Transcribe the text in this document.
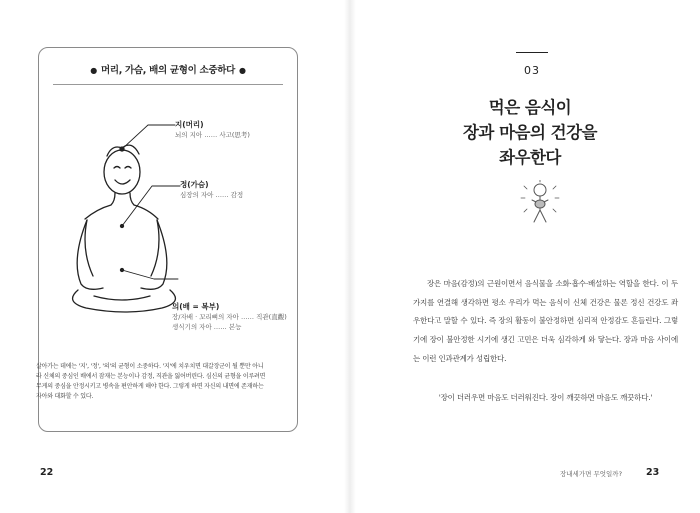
● 머리, 가슴, 배의 균형이 소중하다 ●
지(머리)
뇌의 지아 …… 사고(思考)
정(가슴)
심장의 자아 …… 감정
의(배 = 복부)
장/자배 · 꼬리뼈의 자아 …… 직관(直觀)
생식기의 자아 …… 본능
살아가는 데에는 '지', '정', '의'의 균형이 소중하다. '지'에 치우치면 대갈장군이 될 뿐만 아니라 신체의 중심인 배에서 잠재는 본능이나 감정, 직관을 잃어버린다. 심신의 균형을 이루려면 무게의 중심을 안정시키고 병속을 편안하게 해야 한다. 그렇게 하면 자신의 내면에 존재하는 자아와 대화할 수 있다.
22
03
먹은 음식이
장과 마음의 건강을
좌우한다
장은 마음(감정)의 근원이면서 음식물을 소화·흡수·배설하는 역할을 한다. 이 두 가지를 연결해 생각하면 평소 우리가 먹는 음식이 신체 건강은 물론 정신 건강도 좌우한다고 말할 수 있다. 즉 장의 활동이 불안정하면 심리적 안정감도 흔들린다. 그렇기에 장이 불안정한 시기에 생긴 고민은 더욱 심각하게 와 닿는다. 장과 마음 사이에는 이런 인과관계가 성립한다.
'장이 더러우면 마음도 더러워진다. 장이 깨끗하면 마음도 깨끗하다.'
장내세가면 무엇일까?	23
